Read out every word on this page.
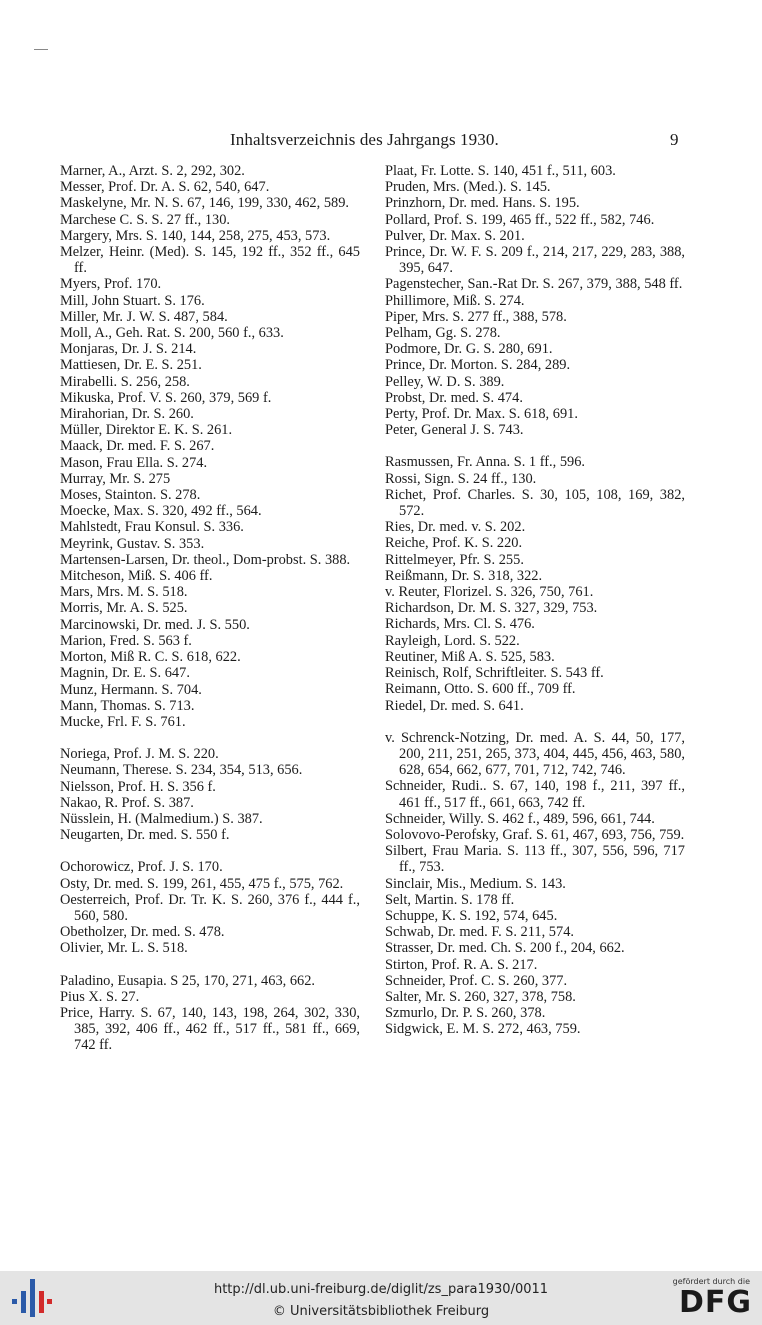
Inhaltsverzeichnis des Jahrgangs 1930.	9
Marner, A., Arzt. S. 2, 292, 302.
Messer, Prof. Dr. A. S. 62, 540, 647.
Maskelyne, Mr. N. S. 67, 146, 199, 330, 462, 589.
Marchese C. S. S. 27 ff., 130.
Margery, Mrs. S. 140, 144, 258, 275, 453, 573.
Melzer, Heinr. (Med). S. 145, 192 ff., 352 ff., 645 ff.
Myers, Prof. 170.
Mill, John Stuart. S. 176.
Miller, Mr. J. W. S. 487, 584.
Moll, A., Geh. Rat. S. 200, 560 f., 633.
Monjaras, Dr. J. S. 214.
Mattiesen, Dr. E. S. 251.
Mirabelli. S. 256, 258.
Mikuska, Prof. V. S. 260, 379, 569 f.
Mirahorian, Dr. S. 260.
Müller, Direktor E. K. S. 261.
Maack, Dr. med. F. S. 267.
Mason, Frau Ella. S. 274.
Murray, Mr. S. 275
Moses, Stainton. S. 278.
Moecke, Max. S. 320, 492 ff., 564.
Mahlstedt, Frau Konsul. S. 336.
Meyrink, Gustav. S. 353.
Martensen-Larsen, Dr. theol., Dom-probst. S. 388.
Mitcheson, Miß. S. 406 ff.
Mars, Mrs. M. S. 518.
Morris, Mr. A. S. 525.
Marcinowski, Dr. med. J. S. 550.
Marion, Fred. S. 563 f.
Morton, Miß R. C. S. 618, 622.
Magnin, Dr. E. S. 647.
Munz, Hermann. S. 704.
Mann, Thomas. S. 713.
Mucke, Frl. F. S. 761.
Noriega, Prof. J. M. S. 220.
Neumann, Therese. S. 234, 354, 513, 656.
Nielsson, Prof. H. S. 356 f.
Nakao, R. Prof. S. 387.
Nüsslein, H. (Malmedium.) S. 387.
Neugarten, Dr. med. S. 550 f.
Ochorowicz, Prof. J. S. 170.
Osty, Dr. med. S. 199, 261, 455, 475 f., 575, 762.
Oesterreich, Prof. Dr. Tr. K. S. 260, 376 f., 444 f., 560, 580.
Obetholzer, Dr. med. S. 478.
Olivier, Mr. L. S. 518.
Paladino, Eusapia. S 25, 170, 271, 463, 662.
Pius X. S. 27.
Price, Harry. S. 67, 140, 143, 198, 264, 302, 330, 385, 392, 406 ff., 462 ff., 517 ff., 581 ff., 669, 742 ff.
Plaat, Fr. Lotte. S. 140, 451 f., 511, 603.
Pruden, Mrs. (Med.). S. 145.
Prinzhorn, Dr. med. Hans. S. 195.
Pollard, Prof. S. 199, 465 ff., 522 ff., 582, 746.
Pulver, Dr. Max. S. 201.
Prince, Dr. W. F. S. 209 f., 214, 217, 229, 283, 388, 395, 647.
Pagenstecher, San.-Rat Dr. S. 267, 379, 388, 548 ff.
Phillimore, Miß. S. 274.
Piper, Mrs. S. 277 ff., 388, 578.
Pelham, Gg. S. 278.
Podmore, Dr. G. S. 280, 691.
Prince, Dr. Morton. S. 284, 289.
Pelley, W. D. S. 389.
Probst, Dr. med. S. 474.
Perty, Prof. Dr. Max. S. 618, 691.
Peter, General J. S. 743.
Rasmussen, Fr. Anna. S. 1 ff., 596.
Rossi, Sign. S. 24 ff., 130.
Richet, Prof. Charles. S. 30, 105, 108, 169, 382, 572.
Ries, Dr. med. v. S. 202.
Reiche, Prof. K. S. 220.
Rittelmeyer, Pfr. S. 255.
Reißmann, Dr. S. 318, 322.
v. Reuter, Florizel. S. 326, 750, 761.
Richardson, Dr. M. S. 327, 329, 753.
Richards, Mrs. Cl. S. 476.
Rayleigh, Lord. S. 522.
Reutiner, Miß A. S. 525, 583.
Reinisch, Rolf, Schriftleiter. S. 543 ff.
Reimann, Otto. S. 600 ff., 709 ff.
Riedel, Dr. med. S. 641.
v. Schrenck-Notzing, Dr. med. A. S. 44, 50, 177, 200, 211, 251, 265, 373, 404, 445, 456, 463, 580, 628, 654, 662, 677, 701, 712, 742, 746.
Schneider, Rudi.. S. 67, 140, 198 f., 211, 397 ff., 461 ff., 517 ff., 661, 663, 742 ff.
Schneider, Willy. S. 462 f., 489, 596, 661, 744.
Solovovo-Perofsky, Graf. S. 61, 467, 693, 756, 759.
Silbert, Frau Maria. S. 113 ff., 307, 556, 596, 717 ff., 753.
Sinclair, Mis., Medium. S. 143.
Selt, Martin. S. 178 ff.
Schuppe, K. S. 192, 574, 645.
Schwab, Dr. med. F. S. 211, 574.
Strasser, Dr. med. Ch. S. 200 f., 204, 662.
Stirton, Prof. R. A. S. 217.
Schneider, Prof. C. S. 260, 377.
Salter, Mr. S. 260, 327, 378, 758.
Szmurlo, Dr. P. S. 260, 378.
Sidgwick, E. M. S. 272, 463, 759.
http://dl.ub.uni-freiburg.de/diglit/zs_para1930/0011
© Universitätsbibliothek Freiburg
gefördert durch die
DFG
